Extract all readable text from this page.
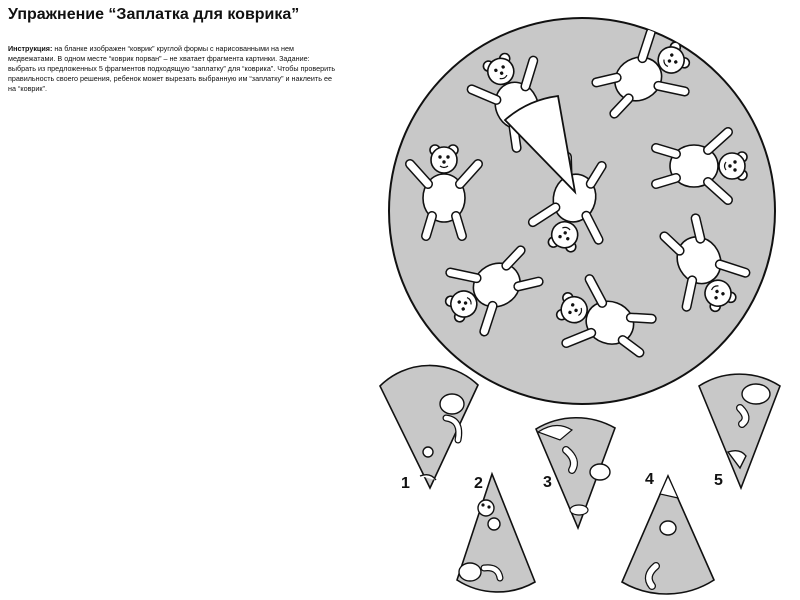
Упражнение “Заплатка для коврика”
Инструкция: на бланке изображен “коврик” круглой формы с нарисованными на нем медвежатами. В одном месте “коврик порван” – не хватает фрагмента картинки. Задание: выбрать из предложенных 5 фрагментов подходящую “заплатку” для “коврика”. Чтобы проверить правильность своего решения, ребенок может вырезать выбранную им “заплатку” и наклеить ее на “коврик”.
1	2	3	4	5
